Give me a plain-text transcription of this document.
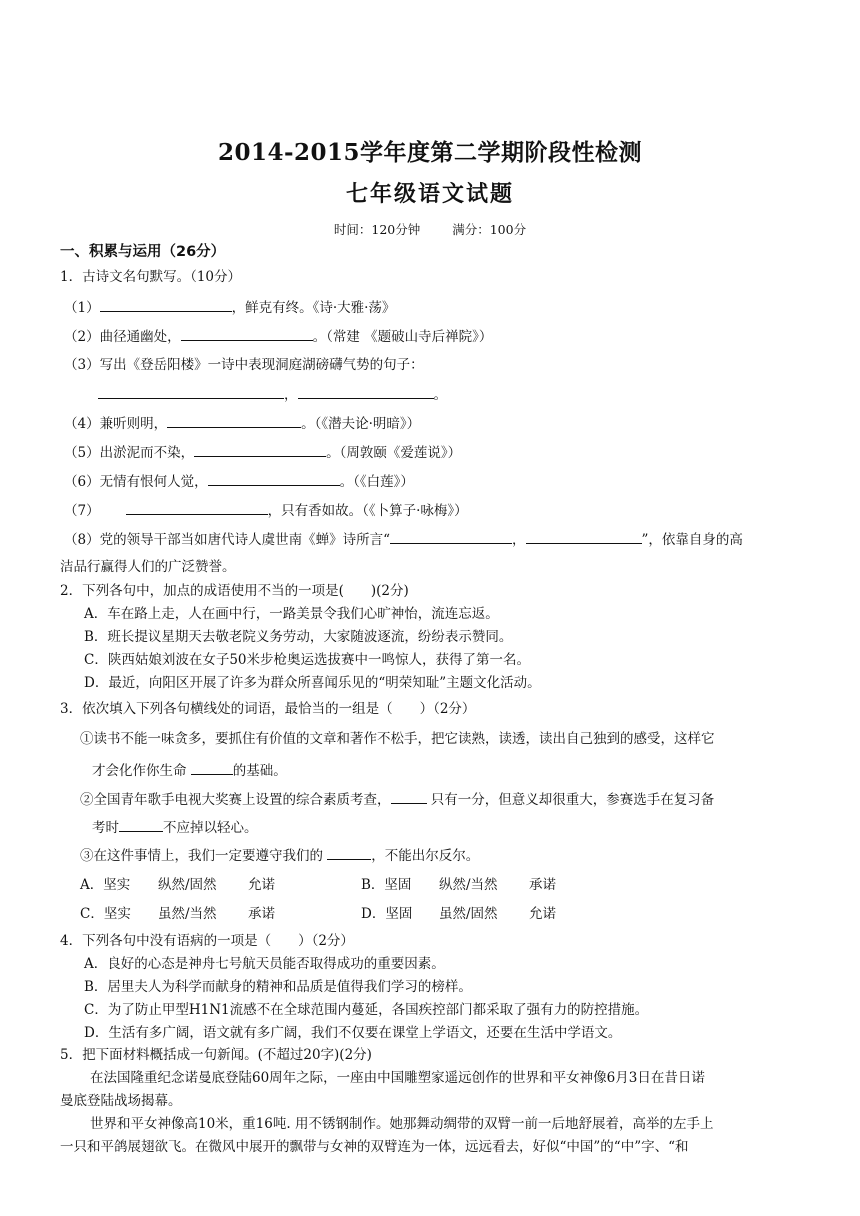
2014-2015学年度第二学期阶段性检测
七年级语文试题
时间：120分钟	满分：100分
一、积累与运用（26分）
1．古诗文名句默写。（10分）
（1）	，鲜克有终。《诗·大雅·荡》
（2）曲径通幽处，	。（常建 《题破山寺后禅院》）
（3）写出《登岳阳楼》一诗中表现洞庭湖磅礴气势的句子：
，	。
（4）兼听则明，	。（《潜夫论·明暗》）
（5）出淤泥而不染，	。（周敦颐《爱莲说》）
（6）无情有恨何人觉，	。（《白莲》）
（7）	，只有香如故。（《卜算子·咏梅》）
（8）党的领导干部当如唐代诗人虞世南《蝉》诗所言“	，	”，依靠自身的高
洁品行赢得人们的广泛赞誉。
2．下列各句中，加点的成语使用不当的一项是(　　)(2分)
A．车在路上走，人在画中行，一路美景令我们心旷神怡，流连忘返。
B．班长提议星期天去敬老院义务劳动，大家随波逐流，纷纷表示赞同。
C．陕西姑娘刘波在女子50米步枪奥运选拔赛中一鸣惊人，获得了第一名。
D．最近，向阳区开展了许多为群众所喜闻乐见的“明荣知耻”主题文化活动。
3．依次填入下列各句横线处的词语，最恰当的一组是（　　）（2分）
①读书不能一味贪多，要抓住有价值的文章和著作不松手，把它读熟，读透，读出自己独到的感受，这样它
才会化作你生命	的基础。
②全国青年歌手电视大奖赛上设置的综合素质考查，	只有一分，但意义却很重大，参赛选手在复习备
考时	不应掉以轻心。
③在这件事情上，我们一定要遵守我们的	，不能出尔反尔。
A．坚实 纵然/固然 允诺	B．坚固 纵然/当然 承诺
C．坚实 虽然/当然 承诺	D．坚固 虽然/固然 允诺
4．下列各句中没有语病的一项是（　　）（2分）
A．良好的心态是神舟七号航天员能否取得成功的重要因素。
B．居里夫人为科学而献身的精神和品质是值得我们学习的榜样。
C．为了防止甲型H1N1流感不在全球范围内蔓延，各国疾控部门都采取了强有力的防控措施。
D．生活有多广阔，语文就有多广阔，我们不仅要在课堂上学语文，还要在生活中学语文。
5．把下面材料概括成一句新闻。(不超过20字)(2分)
在法国隆重纪念诺曼底登陆60周年之际，一座由中国雕塑家遥远创作的世界和平女神像6月3日在昔日诺
曼底登陆战场揭幕。
世界和平女神像高10米，重16吨. 用不锈钢制作。她那舞动绸带的双臂一前一后地舒展着，高举的左手上
一只和平鸽展翅欲飞。在微风中展开的飘带与女神的双臂连为一体，远远看去，好似“中国”的“中”字、“和
